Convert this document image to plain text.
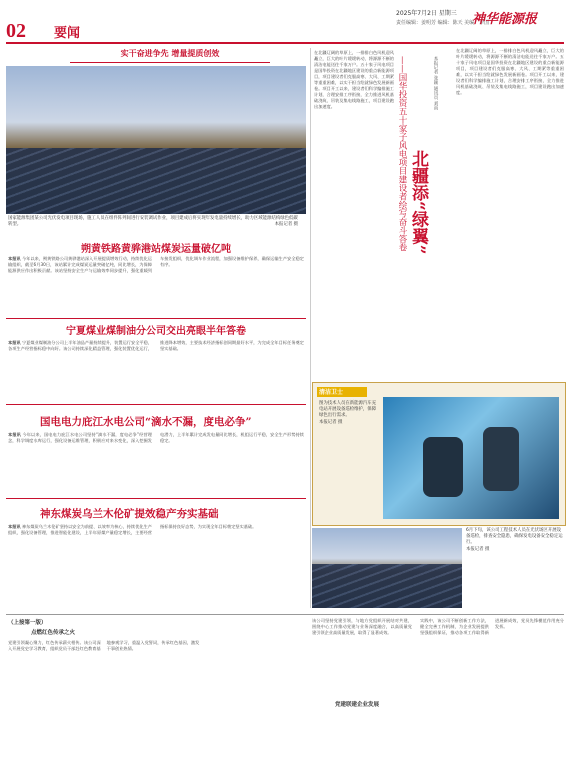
02 要闻
2025年7月2日 星期三
责任编辑：姜明芳 编辑：陈天 美编：李国
神华能源报
实干奋进争先 增量提质创效
国家能源集团某公司光伏发电项目现场，施工人员在组件阵列间进行安装调试作业，项目建成后将实现年发电量持续增长，助力区域能源结构绿色低碳转型。	本报记者 摄
朔黄铁路黄骅港站煤炭运量破亿吨
本报讯 今年以来，朔黄铁路公司黄骅港站深入开展提质增效行动，持续优化运输组织，截至6月30日，该站累计完成煤炭运量突破亿吨，同比增长，为保障能源供应作出积极贡献。该站坚持安全生产与运输效率同步提升，强化重载列车接发组织，优化调车作业流程，加强设备维护保养，确保运输生产安全稳定有序。
宁夏煤业煤制油分公司交出亮眼半年答卷
本报讯 宁夏煤业煤制油分公司上半年油品产量持续提升，装置运行安全平稳，各项生产经营指标稳中向好。该公司持续深化精益管理，强化装置优化运行，推进降本增效，主要技术经济指标创同期最好水平，为完成全年目标任务奠定坚实基础。
国电电力庇江水电公司“滴水不漏，度电必争”
本报讯 今年以来，国电电力庇江水电公司坚持“滴水不漏，度电必争”经营理念，科学调度水库运行，强化设备运维管理，积极应对来水变化，深入挖掘发电潜力，上半年累计完成发电量同比增长，机组运行平稳，安全生产形势持续稳定。
神东煤炭乌兰木伦矿提效稳产夯实基础
本报讯 神东煤炭乌兰木伦矿坚持以安全为前提、以效率为核心，持续优化生产组织，强化设备管理，推进智能化建设，上半年原煤产量稳定增长，主要经营指标保持良好态势，为实现全年目标奠定坚实基础。
在北疆辽阔的草原上，一排排白色风机迎风矗立，巨大的叶片缓缓转动，将源源不断的清洁电能送往千家万户。五十家子风电项目是国华投资在北疆地区建设的重点新能源项目，项目建设者们克服高寒、大风、工期紧等重重困难，以实干担当绘就绿色发展新画卷。项目开工以来，建设者们科学编排施工计划，合理安排工序衔接，全力推进风机基础浇筑、吊装及集电线路施工，项目建设跑出加速度。	——国华投资五十家子风电项目建设者绘写奋斗答卷 北疆添“绿翼”
本报记者 张颖 通讯员 刘雨
在北疆辽阔的草原上，一排排白色风机迎风矗立，巨大的叶片缓缓转动，将源源不断的清洁电能送往千家万户。五十家子风电项目是国华投资在北疆地区建设的重点新能源项目，项目建设者们克服高寒、大风、工期紧等重重困难，以实干担当绘就绿色发展新画卷。项目开工以来，建设者们科学编排施工计划，合理安排工序衔接，全力推进风机基础浇筑、吊装及集电线路施工，项目建设跑出加速度。
清洁卫士
图为技术人员在新能源汽车充电站开展设备巡检维护，保障绿色出行需求。
本报记者 摄
6月下旬，该公司工程技术人员在光伏场区开展设备巡检，排查安全隐患，确保发电设备安全稳定运行。
本报记者 摄
（上接第一版）
点燃红色传承之火
党建引领凝心聚力，红色传承薪火相传。该公司深入开展党史学习教育，组织党员干部赴红色教育基地参观学习，重温入党誓词，传承红色基因，激发干事创业热情。
党建联建企业发展
该公司坚持党建引领，与地方党组织开展结对共建，围绕中心工作推动党建与业务深度融合，以高质量党建引领企业高质量发展，取得了显著成效。
实践中，该公司不断创新工作方法，健全完善工作机制，为企业发展提供坚强组织保证，推动各项工作取得新进展新成效，党员先锋模范作用充分发挥。
